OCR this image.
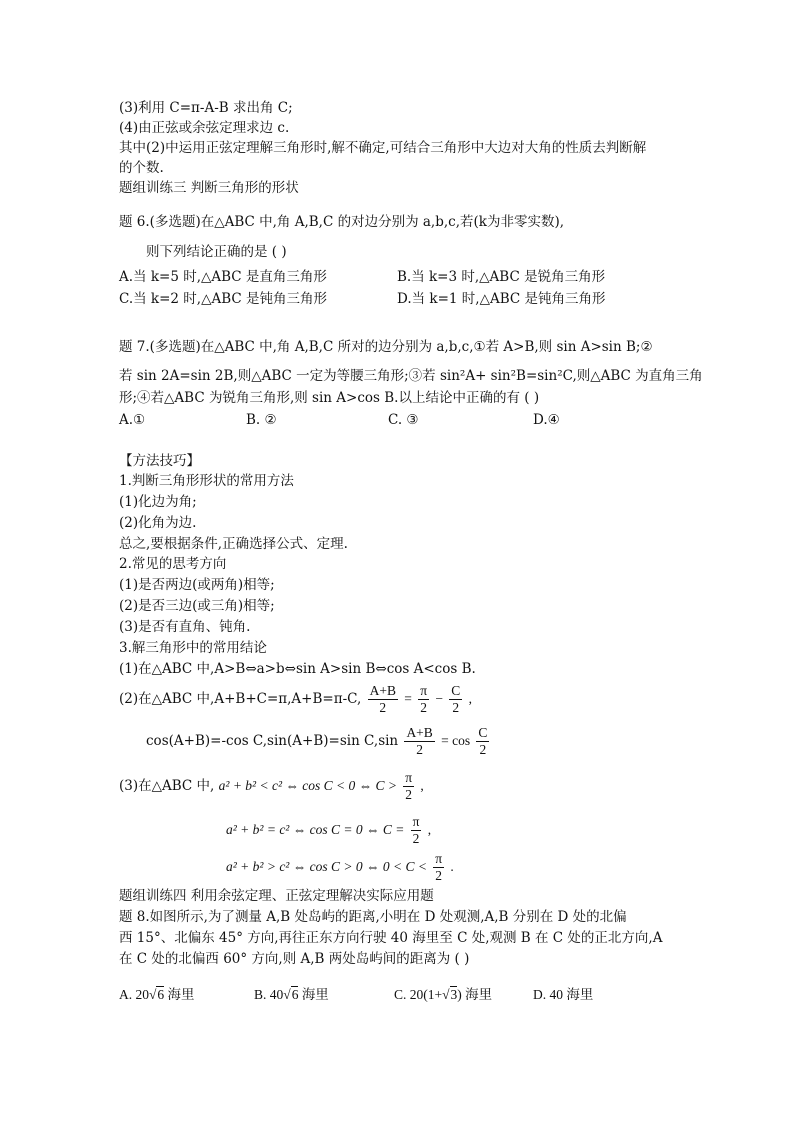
(3)利用 C=π-A-B 求出角 C;
(4)由正弦或余弦定理求边 c.
其中(2)中运用正弦定理解三角形时,解不确定,可结合三角形中大边对大角的性质去判断解
的个数.
题组训练三 判断三角形的形状
题 6.(多选题)在△ABC 中,角 A,B,C 的对边分别为 a,b,c,若(k为非零实数),
则下列结论正确的是 ( )
A.当 k=5 时,△ABC 是直角三角形	B.当 k=3 时,△ABC 是锐角三角形
C.当 k=2 时,△ABC 是钝角三角形	D.当 k=1 时,△ABC 是钝角三角形
题 7.(多选题)在△ABC 中,角 A,B,C 所对的边分别为 a,b,c,①若 A>B,则 sin A>sin B;②
若 sin 2A=sin 2B,则△ABC 一定为等腰三角形;③若 sin²A+ sin²B=sin²C,则△ABC 为直角三角
形;④若△ABC 为锐角三角形,则 sin A>cos B.以上结论中正确的有 ( )
A.①	B. ②	C. ③	D.④
【方法技巧】
1.判断三角形形状的常用方法
(1)化边为角;
(2)化角为边.
总之,要根据条件,正确选择公式、定理.
2.常见的思考方向
(1)是否两边(或两角)相等;
(2)是否三边(或三角)相等;
(3)是否有直角、钝角.
3.解三角形中的常用结论
(1)在△ABC 中,A>B⇔a>b⇔sin A>sin B⇔cos A<cos B.
(2)在△ABC 中,A+B+C=π,A+B=π-C, $\frac{A+B}{2} = \frac{\pi}{2} - \frac{C}{2}$ ,
cos(A+B)=-cos C,sin(A+B)=sin $C,\sin \frac{A+B}{2} = \cos \frac{C}{2}$
(3)在△ABC 中, a² + b² < c² ⇔ cos C < 0 ⇔ $C > \frac{\pi}{2}$ ,
a² + b² = c² ⇔ cos C = 0 ⇔ $C = \frac{\pi}{2}$ ,
a² + b² > c² ⇔ cos C > 0 ⇔ $0 < C < \frac{\pi}{2}$ .
题组训练四 利用余弦定理、正弦定理解决实际应用题
题 8.如图所示,为了测量 A,B 处岛屿的距离,小明在 D 处观测,A,B 分别在 D 处的北偏
西 15°、北偏东 45° 方向,再往正东方向行驶 40 海里至 C 处,观测 B 在 C 处的正北方向,A
在 C 处的北偏西 60° 方向,则 A,B 两处岛屿间的距离为 ( )
A. 20√6 海里	B. 40√6 海里	C. 20(1+√3) 海里	D. 40 海里
